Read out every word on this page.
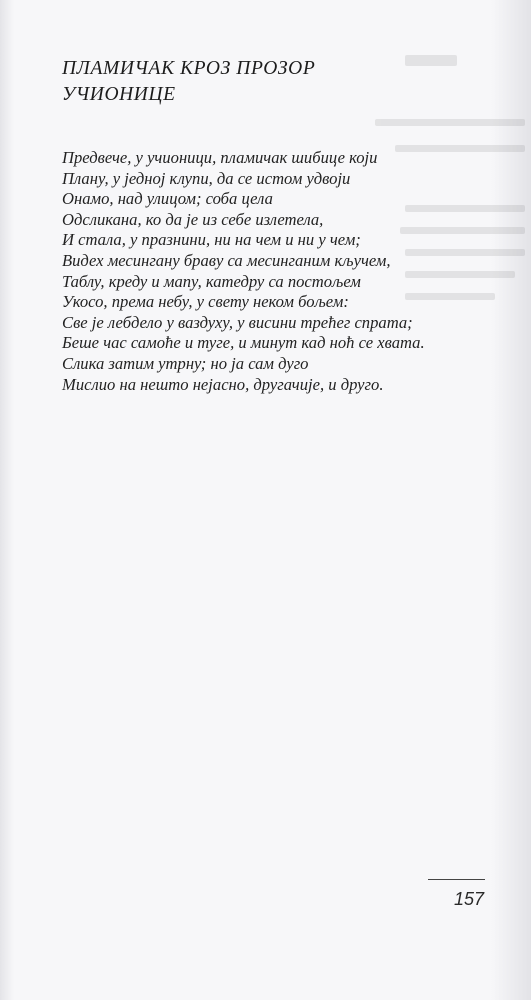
ПЛАМИЧАК КРОЗ ПРОЗОР
УЧИОНИЦЕ
Предвече, у учионици, пламичак шибице који
Плану, у једној клупи, да се истом удвоји
Онамо, над улицом; соба цела
Одсликана, ко да је из себе излетела,
И стала, у празнини, ни на чем и ни у чем;
Видех месингану браву са месинганим кључем,
Таблу, креду и мапу, катедру са постољем
Укосо, према небу, у свету неком бољем:
Све је лебдело у ваздуху, у висини трећег спрата;
Беше час самоће и туге, и минут кад ноћ се хвата.
Слика затим утрну; но ја сам дуго
Мислио на нешто нејасно, другачије, и друго.
157
